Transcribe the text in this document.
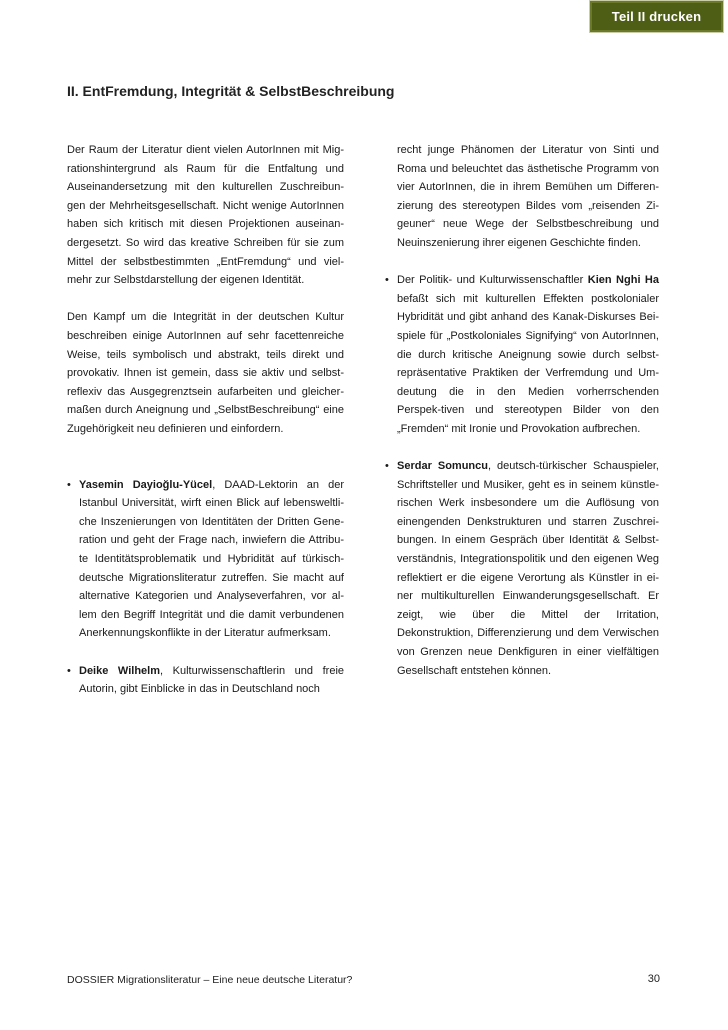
Teil II drucken
II. EntFremdung, Integrität & SelbstBeschreibung

Der Raum der Literatur dient vielen AutorInnen mit Mig-rationshintergrund als Raum für die Entfaltung und Auseinandersetzung mit den kulturellen Zuschreibun-gen der Mehrheitsgesellschaft. Nicht wenige AutorInnen haben sich kritisch mit diesen Projektionen auseinan-dergesetzt. So wird das kreative Schreiben für sie zum Mittel der selbstbestimmten „EntFremdung“ und viel-mehr zur Selbstdarstellung der eigenen Identität.

Den Kampf um die Integrität in der deutschen Kultur beschreiben einige AutorInnen auf sehr facettenreiche Weise, teils symbolisch und abstrakt, teils direkt und provokativ. Ihnen ist gemein, dass sie aktiv und selbst-reflexiv das Ausgegrenztsein aufarbeiten und gleicher-maßen durch Aneignung und „SelbstBeschreibung“ eine Zugehörigkeit neu definieren und einfordern.

• Yasemin Dayioğlu-Yücel, DAAD-Lektorin an der Istanbul Universität, wirft einen Blick auf lebensweltli-che Inszenierungen von Identitäten der Dritten Gene-ration und geht der Frage nach, inwiefern die Attribu-te Identitätsproblematik und Hybridität auf türkisch-deutsche Migrationsliteratur zutreffen. Sie macht auf alternative Kategorien und Analyseverfahren, vor al-lem den Begriff Integrität und die damit verbundenen Anerkennungskonflikte in der Literatur aufmerksam.

• Deike Wilhelm, Kulturwissenschaftlerin und freie Autorin, gibt Einblicke in das in Deutschland noch

recht junge Phänomen der Literatur von Sinti und Roma und beleuchtet das ästhetische Programm von vier AutorInnen, die in ihrem Bemühen um Differen-zierung des stereotypen Bildes vom „reisenden Zi-geuner“ neue Wege der Selbstbeschreibung und Neuinszenierung ihrer eigenen Geschichte finden.

• Der Politik- und Kulturwissenschaftler Kien Nghi Ha befaßt sich mit kulturellen Effekten postkolonialer Hybridität und gibt anhand des Kanak-Diskurses Bei-spiele für „Postkoloniales Signifying“ von AutorInnen, die durch kritische Aneignung sowie durch selbst-repräsentative Praktiken der Verfremdung und Um-deutung die in den Medien vorherrschenden Perspek-tiven und stereotypen Bilder von den „Fremden“ mit Ironie und Provokation aufbrechen.

• Serdar Somuncu, deutsch-türkischer Schauspieler, Schriftsteller und Musiker, geht es in seinem künstle-rischen Werk insbesondere um die Auflösung von einengenden Denkstrukturen und starren Zuschrei-bungen. In einem Gespräch über Identität & Selbst-verständnis, Integrationspolitik und den eigenen Weg reflektiert er die eigene Verortung als Künstler in ei-ner multikulturellen Einwanderungsgesellschaft. Er zeigt, wie über die Mittel der Irritation, Dekonstruktion, Differenzierung und dem Verwischen von Grenzen neue Denkfiguren in einer vielfältigen Gesellschaft entstehen können.

DOSSIER Migrationsliteratur – Eine neue deutsche Literatur?	30
